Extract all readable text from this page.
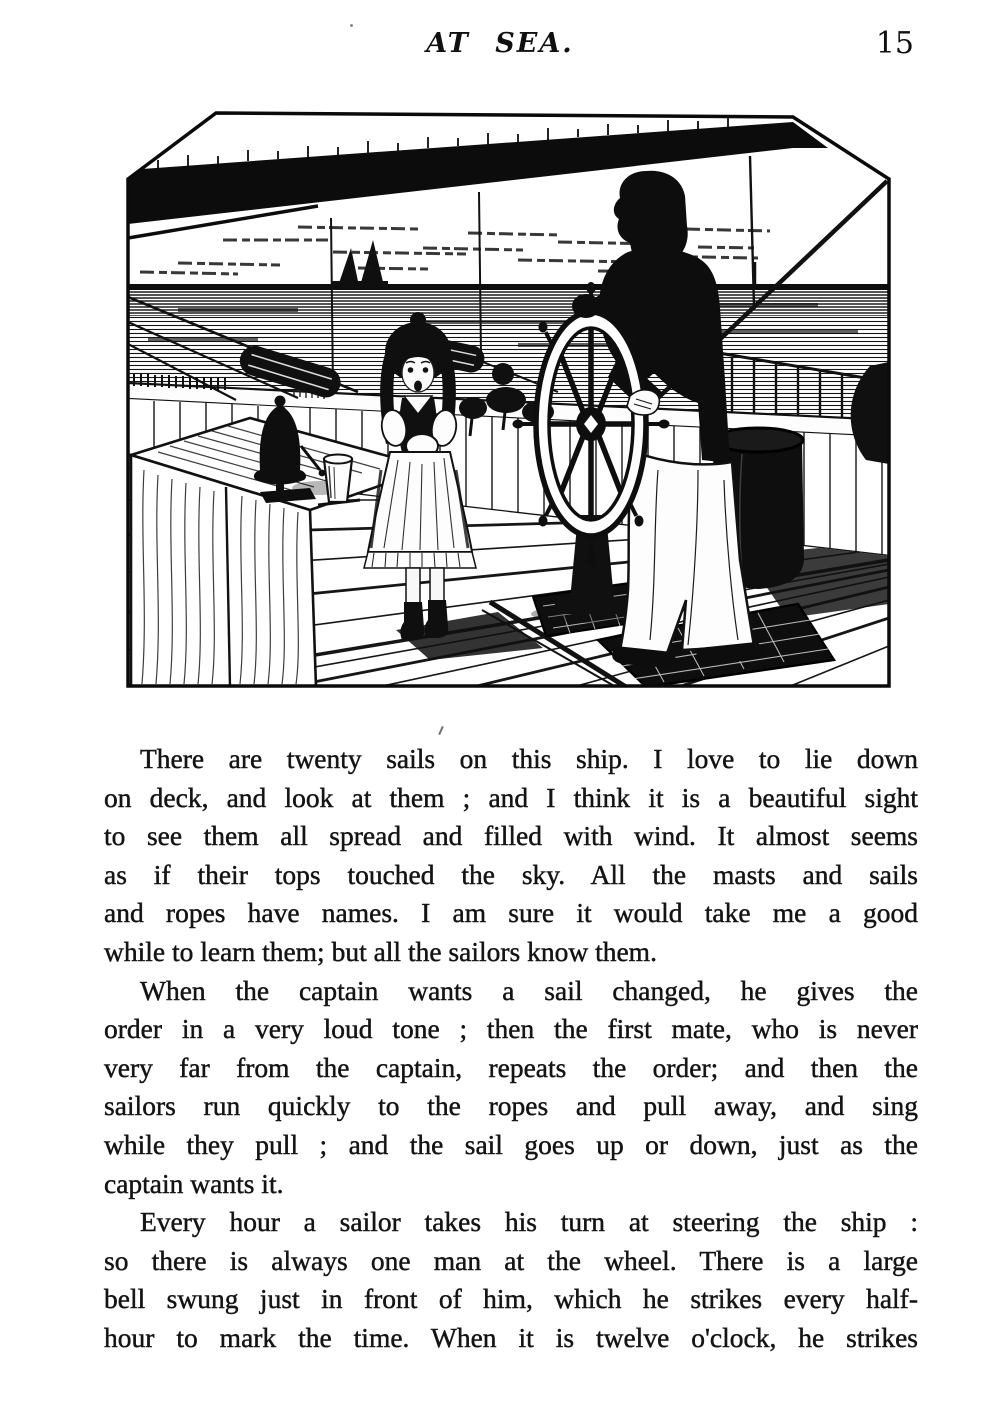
AT SEA.	15
There are twenty sails on this ship. I love to lie down
on deck, and look at them ; and I think it is a beautiful sight
to see them all spread and filled with wind. It almost seems
as if their tops touched the sky. All the masts and sails
and ropes have names. I am sure it would take me a good
while to learn them; but all the sailors know them.
When the captain wants a sail changed, he gives the
order in a very loud tone ; then the first mate, who is never
very far from the captain, repeats the order; and then the
sailors run quickly to the ropes and pull away, and sing
while they pull ; and the sail goes up or down, just as the
captain wants it.
Every hour a sailor takes his turn at steering the ship :
so there is always one man at the wheel. There is a large
bell swung just in front of him, which he strikes every half-
hour to mark the time. When it is twelve o'clock, he strikes
